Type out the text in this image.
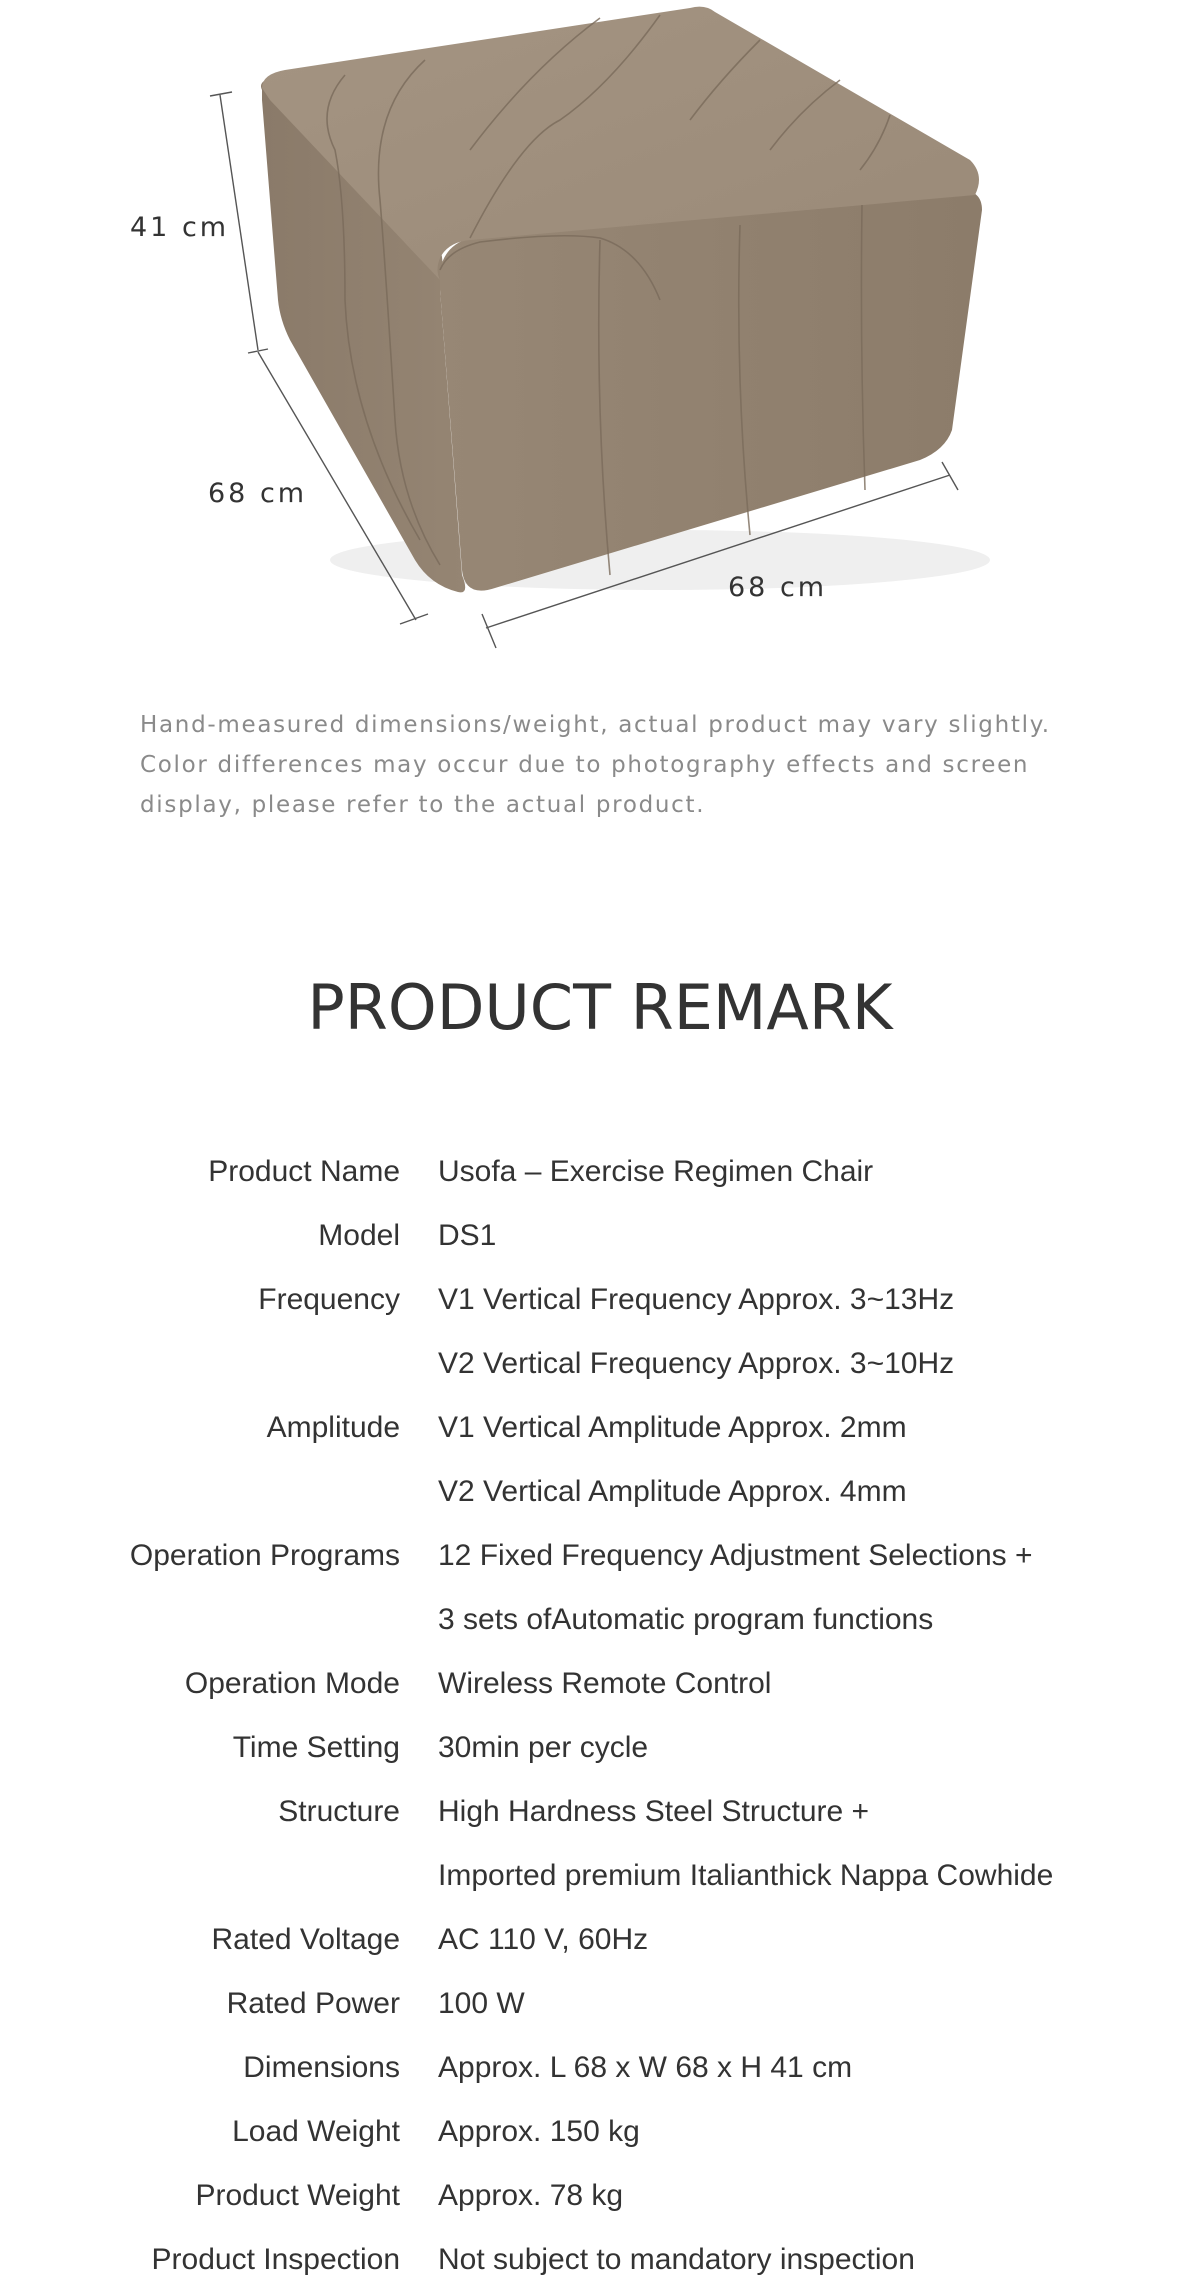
41 cm
68 cm
68 cm

Hand-measured dimensions/weight, actual product may vary slightly.

Color differences may occur due to photography effects and screen

display, please refer to the actual product.

PRODUCT REMARK
Product Name Usofa – Exercise Regimen Chair
Model DS1
Frequency V1 Vertical Frequency Approx. 3~13Hz
V2 Vertical Frequency Approx. 3~10Hz
Amplitude V1 Vertical Amplitude Approx. 2mm
V2 Vertical Amplitude Approx. 4mm
Operation Programs 12 Fixed Frequency Adjustment Selections +
3 sets ofAutomatic program functions
Operation Mode Wireless Remote Control
Time Setting 30min per cycle
Structure High Hardness Steel Structure +
Imported premium Italianthick Nappa Cowhide
Rated Voltage AC 110 V, 60Hz
Rated Power 100 W
Dimensions Approx. L 68 x W 68 x H 41 cm
Load Weight Approx. 150 kg
Product Weight Approx. 78 kg
Product Inspection Not subject to mandatory inspection
